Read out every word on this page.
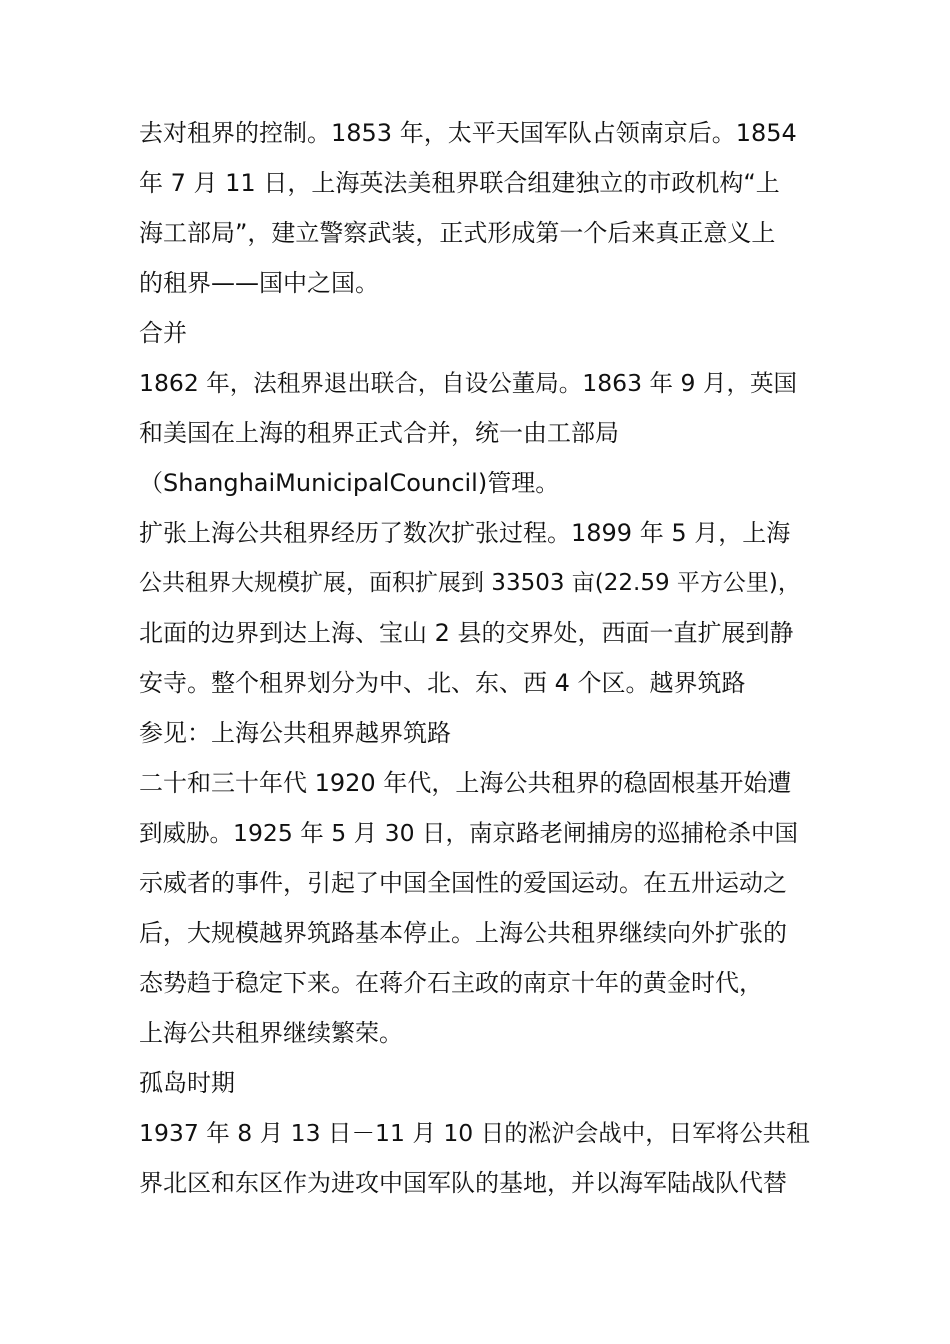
去对租界的控制。1853 年，太平天国军队占领南京后。1854
年 7 月 11 日，上海英法美租界联合组建独立的市政机构“上
海工部局”，建立警察武装，正式形成第一个后来真正意义上
的租界——国中之国。
合并
1862 年，法租界退出联合，自设公董局。1863 年 9 月，英国
和美国在上海的租界正式合并，统一由工部局
（ShanghaiMunicipalCouncil)管理。
扩张上海公共租界经历了数次扩张过程。1899 年 5 月，上海
公共租界大规模扩展，面积扩展到 33503 亩(22.59 平方公里)，
北面的边界到达上海、宝山 2 县的交界处，西面一直扩展到静
安寺。整个租界划分为中、北、东、西 4 个区。越界筑路
参见：上海公共租界越界筑路
二十和三十年代 1920 年代，上海公共租界的稳固根基开始遭
到威胁。1925 年 5 月 30 日，南京路老闸捕房的巡捕枪杀中国
示威者的事件，引起了中国全国性的爱国运动。在五卅运动之
后，大规模越界筑路基本停止。上海公共租界继续向外扩张的
态势趋于稳定下来。在蒋介石主政的南京十年的黄金时代，
上海公共租界继续繁荣。
孤岛时期
1937 年 8 月 13 日－11 月 10 日的淞沪会战中，日军将公共租
界北区和东区作为进攻中国军队的基地，并以海军陆战队代替
